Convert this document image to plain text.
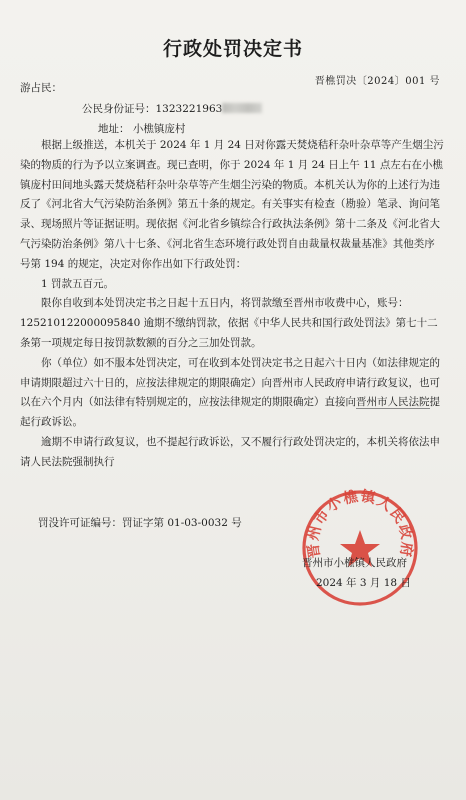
行政处罚决定书
晋樵罚决〔2024〕001 号
游占民：
公民身份证号：1323221963
地址： 小樵镇庞村

根据上级推送，本机关于 2024 年 1 月 24 日对你露天焚烧秸秆杂叶杂草等产生烟尘污染的物质的行为予以立案调查。现已查明，你于 2024 年 1 月 24 日上午 11 点左右在小樵镇庞村田间地头露天焚烧秸秆杂叶杂草等产生烟尘污染的物质。本机关认为你的上述行为违反了《河北省大气污染防治条例》第五十条的规定。有关事实有检查（勘验）笔录、询问笔录、现场照片等证据证明。现依据《河北省乡镇综合行政执法条例》第十二条及《河北省大气污染防治条例》第八十七条、《河北省生态环境行政处罚自由裁量权裁量基准》其他类序号第 194 的规定，决定对你作出如下行政处罚：

1 罚款五百元。

限你自收到本处罚决定书之日起十五日内，将罚款缴至晋州市收费中心，账号：125210122000095840 逾期不缴纳罚款，依据《中华人民共和国行政处罚法》第七十二条第一项规定每日按罚款数额的百分之三加处罚款。

你（单位）如不服本处罚决定，可在收到本处罚决定书之日起六十日内（如法律规定的申请期限超过六十日的，应按法律规定的期限确定）向晋州市人民政府申请行政复议，也可以在六个月内（如法律有特别规定的，应按法律规定的期限确定）直接向晋州市人民法院提起行政诉讼。

逾期不申请行政复议，也不提起行政诉讼，又不履行行政处罚决定的，本机关将依法申请人民法院强制执行

罚没许可证编号：罚证字第 01-03-0032 号
晋州市小樵镇人民政府
晋州市小樵镇人民政府
2024 年 3 月 18 日
